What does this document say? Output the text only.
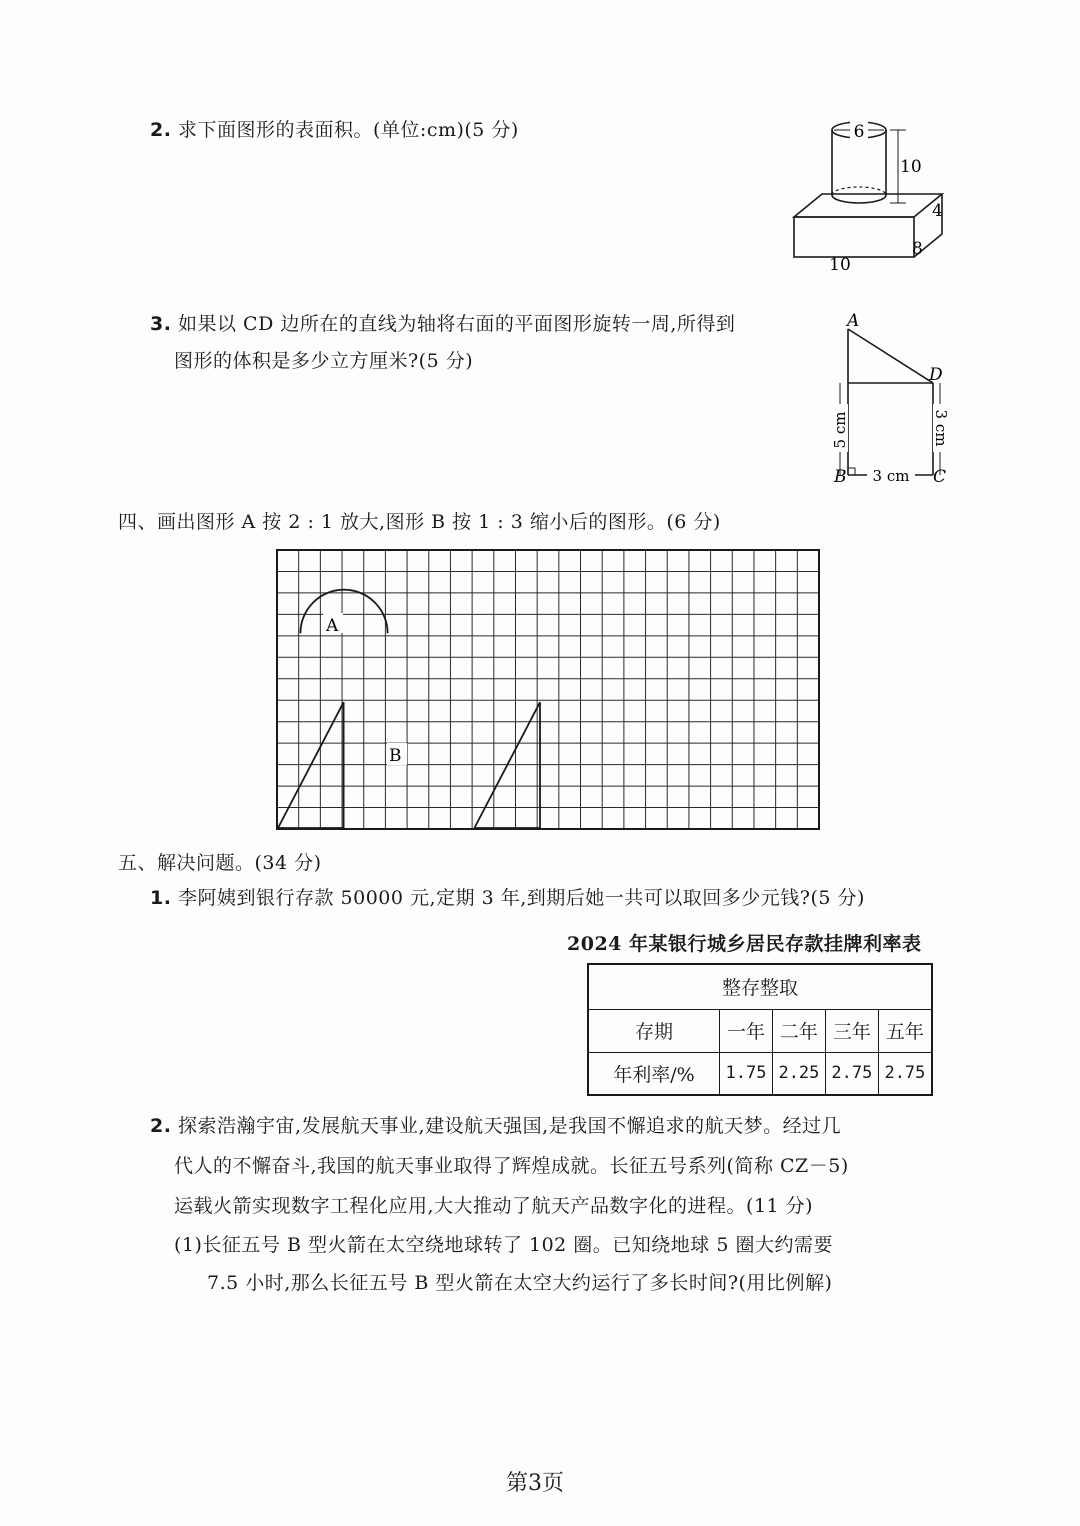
2. 求下面图形的表面积。(单位:cm)(5 分)	6
10
4
8
10
3. 如果以 CD 边所在的直线为轴将右面的平面图形旋转一周,所得到
图形的体积是多少立方厘米?(5 分)
5 cm	3 cm
3 cm
A
D
B	C
四、画出图形 A 按 2 : 1 放大,图形 B 按 1 : 3 缩小后的图形。(6 分)
A
B
五、解决问题。(34 分)
1. 李阿姨到银行存款 50000 元,定期 3 年,到期后她一共可以取回多少元钱?(5 分)
2024 年某银行城乡居民存款挂牌利率表
整存整取				
存期	一年	二年	三年	五年
年利率/%	1.75	2.25	2.75	2.75
2. 探索浩瀚宇宙,发展航天事业,建设航天强国,是我国不懈追求的航天梦。经过几
代人的不懈奋斗,我国的航天事业取得了辉煌成就。长征五号系列(简称 CZ－5)
运载火箭实现数字工程化应用,大大推动了航天产品数字化的进程。(11 分)
(1)长征五号 B 型火箭在太空绕地球转了 102 圈。已知绕地球 5 圈大约需要
7.5 小时,那么长征五号 B 型火箭在太空大约运行了多长时间?(用比例解)
第3页
